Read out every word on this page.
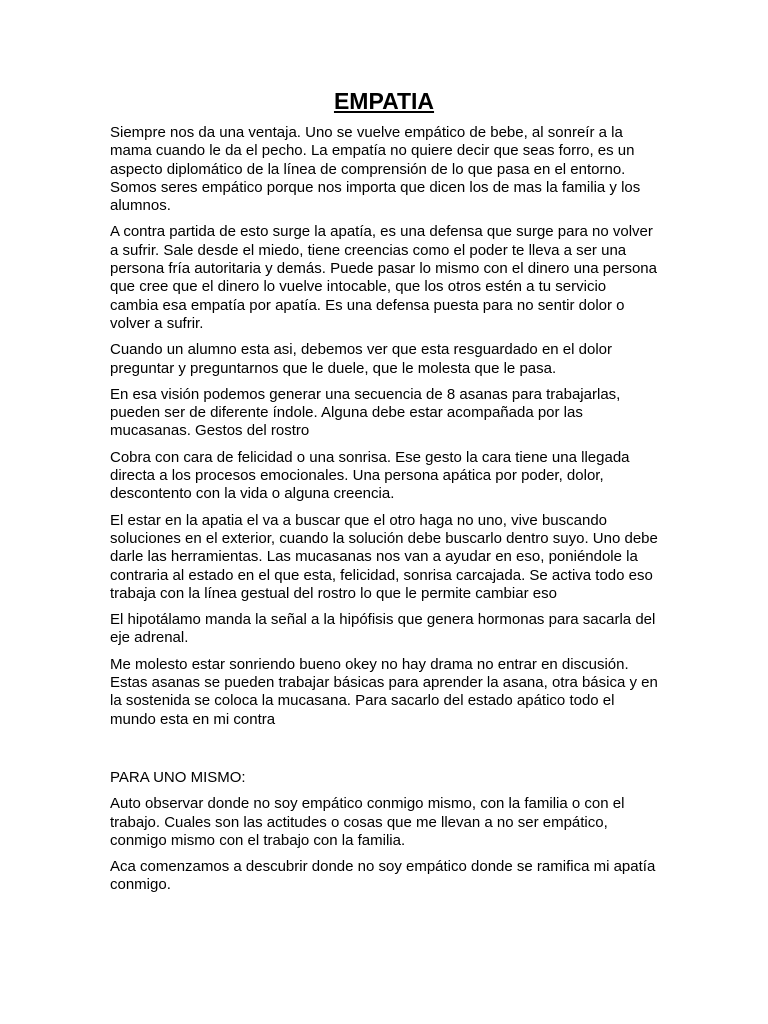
EMPATIA

Siempre nos da una ventaja. Uno se vuelve empático de bebe, al sonreír a la mama cuando le da el pecho. La empatía no quiere decir que seas forro, es un aspecto diplomático de la línea de comprensión de lo que pasa en el entorno. Somos seres empático porque nos importa que dicen los de mas la familia y los alumnos.

A contra partida de esto surge la apatía, es una defensa que surge para no volver a sufrir. Sale desde el miedo, tiene creencias como el poder te lleva a ser una persona fría autoritaria y demás. Puede pasar lo mismo con el dinero una persona que cree que el dinero lo vuelve intocable, que los otros estén a tu servicio cambia esa empatía por apatía. Es una defensa puesta para no sentir dolor o volver a sufrir.

Cuando un alumno esta asi, debemos ver que esta resguardado en el dolor preguntar y preguntarnos que le duele, que le molesta que le pasa.

En esa visión podemos generar una secuencia de 8 asanas para trabajarlas, pueden ser de diferente índole. Alguna debe estar acompañada por las mucasanas. Gestos del rostro

Cobra con cara de felicidad o una sonrisa. Ese gesto la cara tiene una llegada directa a los procesos emocionales. Una persona apática por poder, dolor, descontento con la vida o alguna creencia.

El estar en la apatia el va a buscar que el otro haga no uno, vive buscando soluciones en el exterior, cuando la solución debe buscarlo dentro suyo. Uno debe darle las herramientas. Las mucasanas nos van a ayudar en eso, poniéndole la contraria al estado en el que esta, felicidad, sonrisa carcajada. Se activa todo eso trabaja con la línea gestual del rostro lo que le permite cambiar eso

El hipotálamo manda la señal a la hipófisis que genera hormonas para sacarla del eje adrenal.

Me molesto estar sonriendo bueno okey no hay drama no entrar en discusión. Estas asanas se pueden trabajar básicas para aprender la asana, otra básica y en la sostenida se coloca la mucasana. Para sacarlo del estado apático todo el mundo esta en mi contra

PARA UNO MISMO:

Auto observar donde no soy empático conmigo mismo, con la familia o con el trabajo. Cuales son las actitudes o cosas que me llevan a no ser empático, conmigo mismo con el trabajo con la familia.

Aca comenzamos a descubrir donde no soy empático donde se ramifica mi apatía conmigo.
